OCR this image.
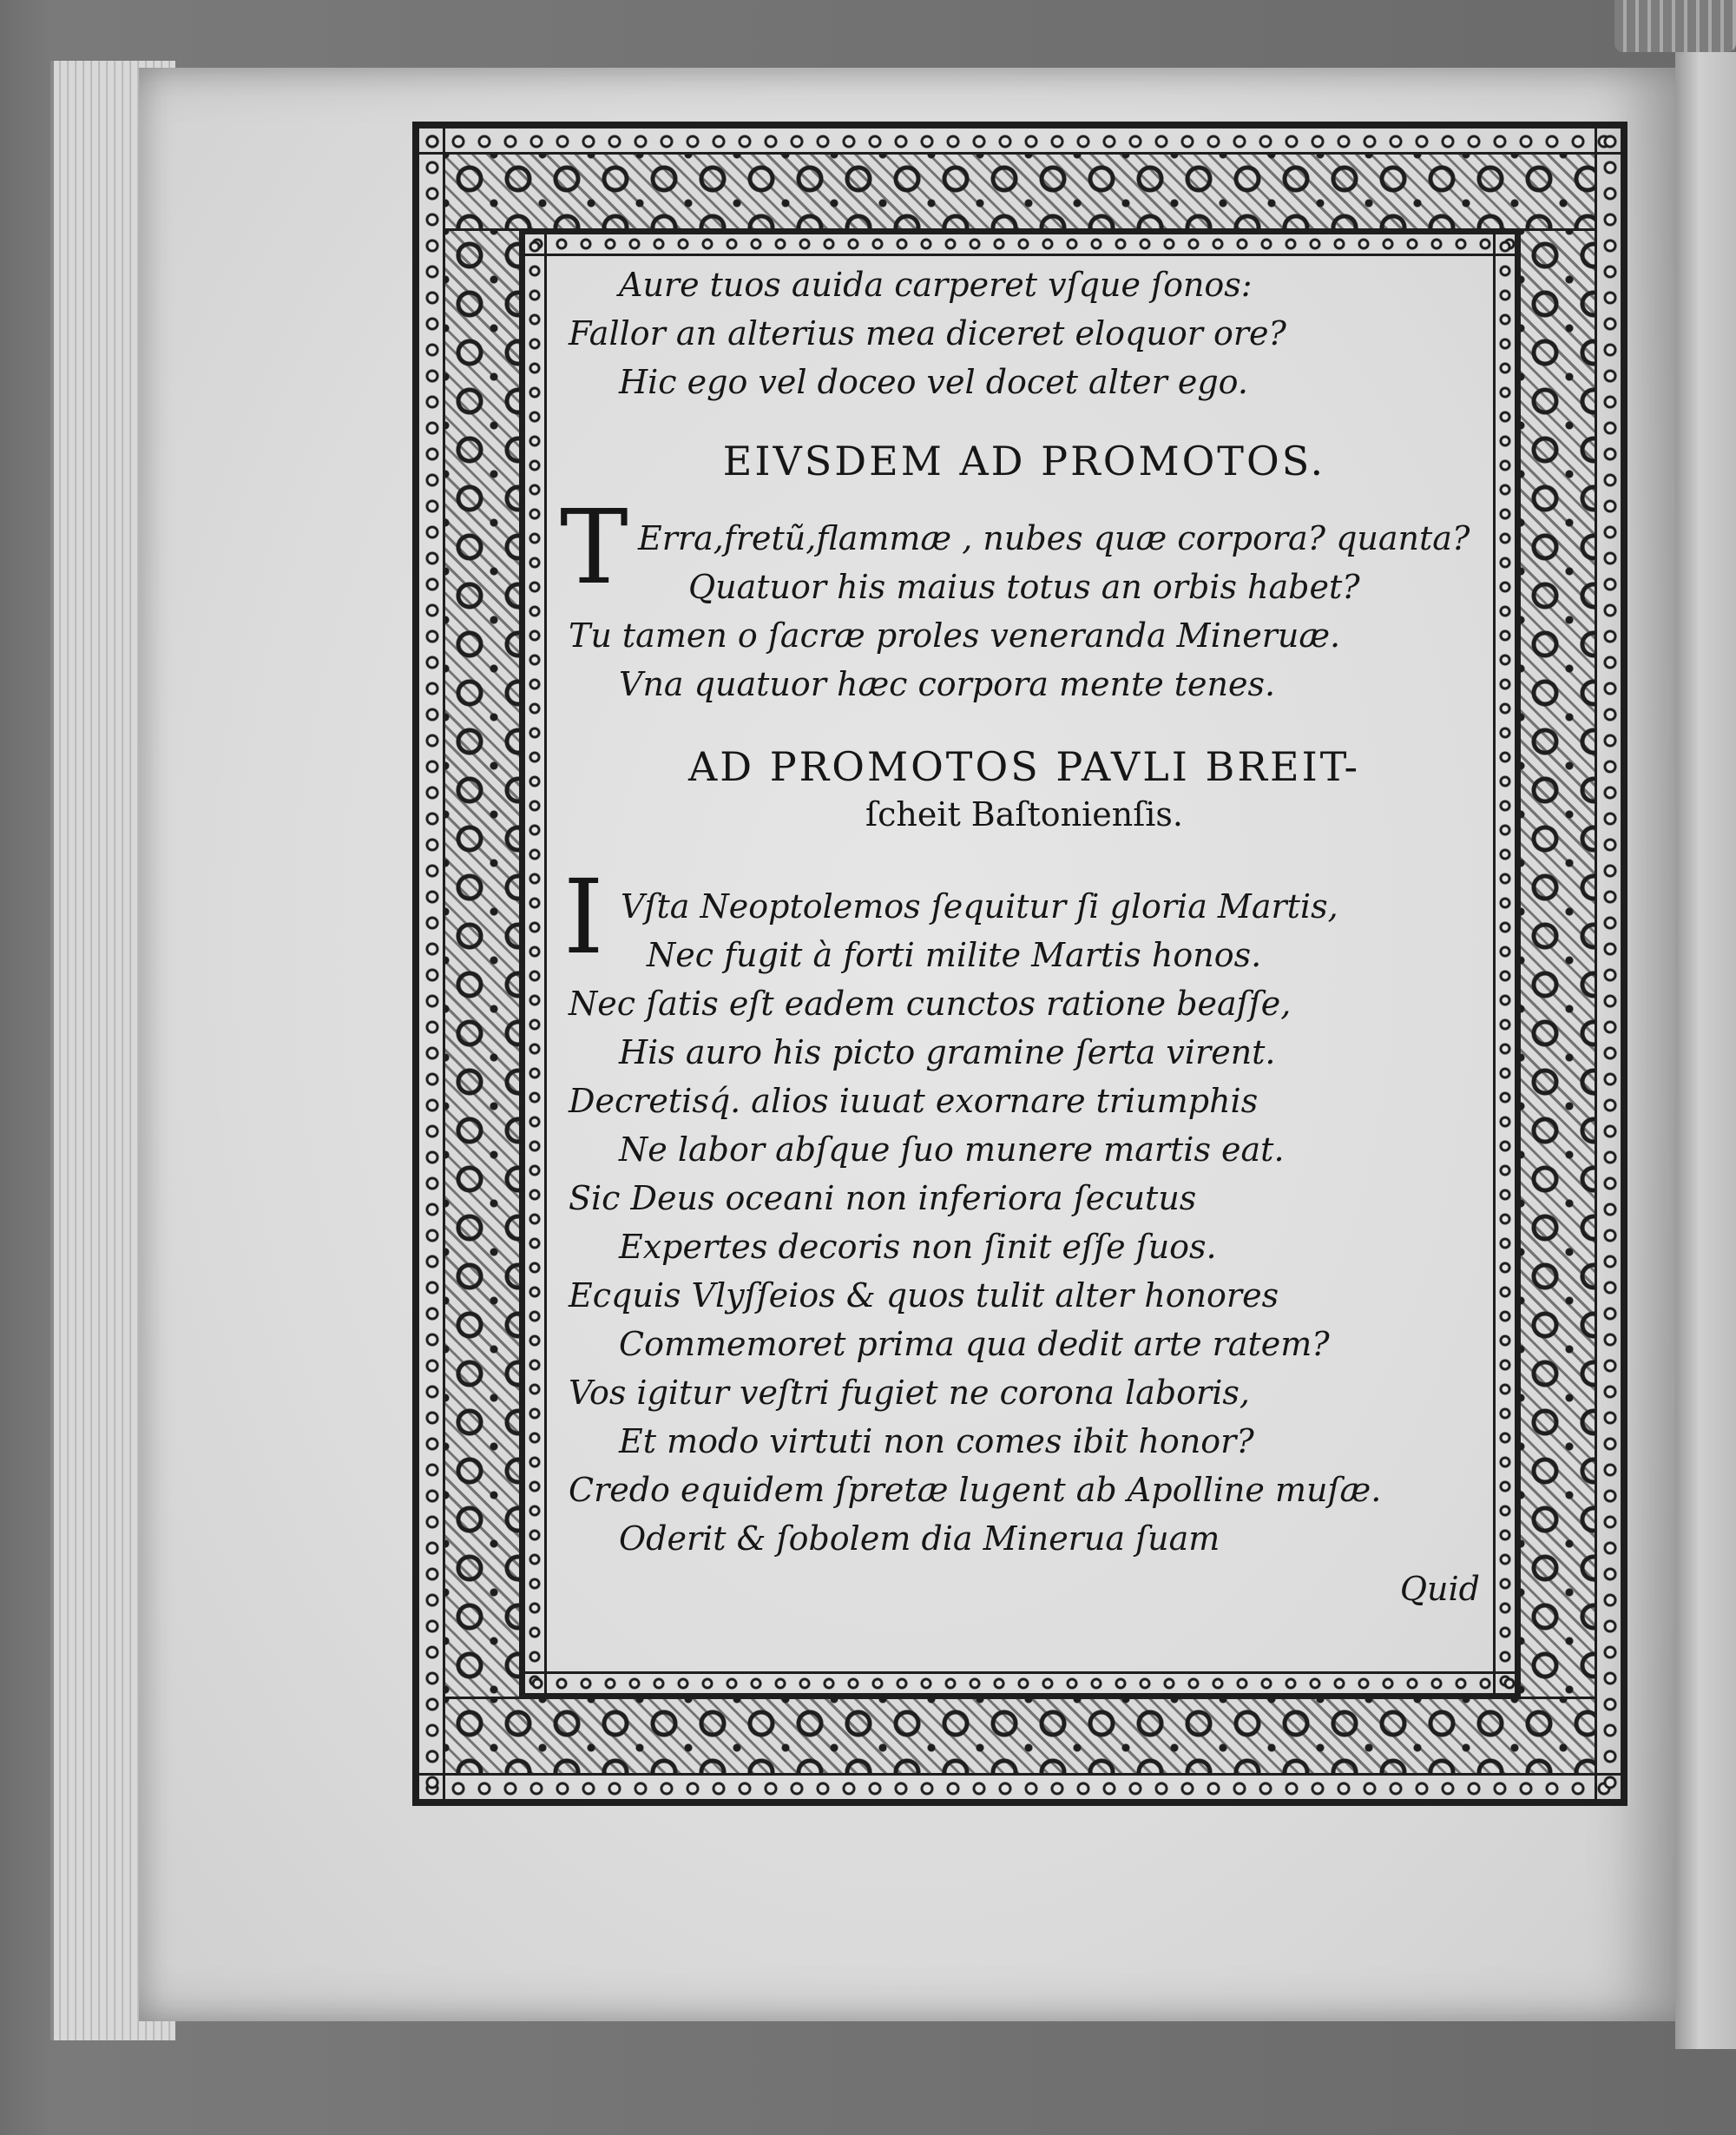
Aure tuos auida carperet vſque ſonos:

Fallor an alterius mea diceret eloquor ore?

Hic ego vel doceo vel docet alter ego.

EIVSDEM AD PROMOTOS.
T Erra,fretũ,flammæ , nubes quæ corpora? quanta?

Quatuor his maius totus an orbis habet?

Tu tamen o ſacræ proles veneranda Mineruæ.

Vna quatuor hæc corpora mente tenes.

AD PROMOTOS PAVLI BREIT-

ſcheit Baſtonienſis.

I Vſta Neoptolemos ſequitur ſi gloria Martis,

Nec fugit à forti milite Martis honos.

Nec ſatis eſt eadem cunctos ratione beaſſe,

His auro his picto gramine ſerta virent.

Decretisq́. alios iuuat exornare triumphis

Ne labor abſque ſuo munere martis eat.

Sic Deus oceani non inferiora ſecutus

Expertes decoris non ſinit eſſe ſuos.

Ecquis Vlyſſeios & quos tulit alter honores

Commemoret prima qua dedit arte ratem?

Vos igitur veſtri fugiet ne corona laboris,

Et modo virtuti non comes ibit honor?

Credo equidem ſpretæ lugent ab Apolline muſæ.

Oderit & ſobolem dia Minerua ſuam

Quid
